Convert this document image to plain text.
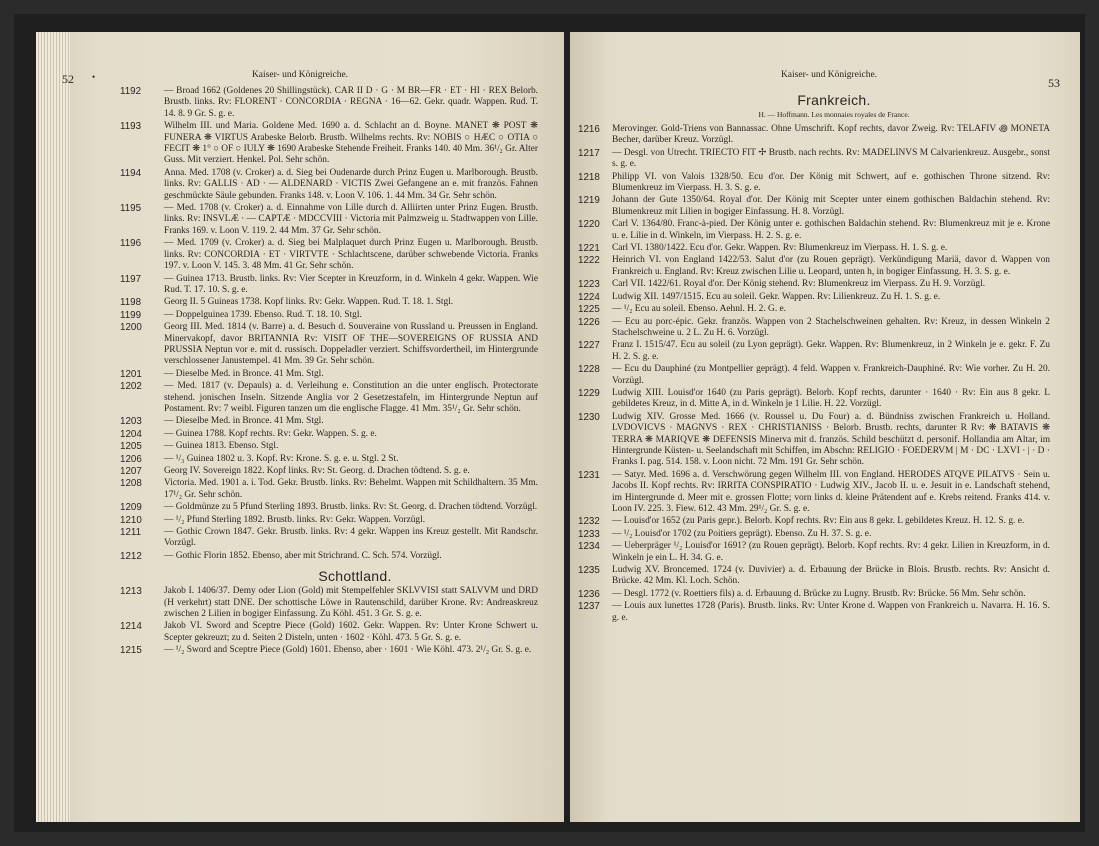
52 •	Kaiser- und Königreiche.
1192 — Broad 1662 (Goldenes 20 Shillingstück). CAR II D · G · M BR—FR · ET · HI · REX Belorb. Brustb. links. Rv: FLORENT · CONCORDIA · REGNA · 16—62. Gekr. quadr. Wappen. Rud. T. 14. 8. 9 Gr. S. g. e.
1193 Wilhelm III. und Maria. Goldene Med. 1690 a. d. Schlacht an d. Boyne. MANET ❋ POST ❋ FUNERA ❋ VIRTUS Arabeske Belorb. Brustb. Wilhelms rechts. Rv: NOBIS ○ HÆC ○ OTIA ○ FECIT ❋ 1° ○ OF ○ IULY ❋ 1690 Arabeske Stehende Freiheit. Franks 140. 40 Mm. 36¹/₂ Gr. Alter Guss. Mit verziert. Henkel. Pol. Sehr schön.
1194 Anna. Med. 1708 (v. Croker) a. d. Sieg bei Oudenarde durch Prinz Eugen u. Marlborough. Brustb. links. Rv: GALLIS · AD · — ALDENARD · VICTIS Zwei Gefangene an e. mit französ. Fahnen geschmückte Säule gebunden. Franks 148. v. Loon V. 106. 1. 44 Mm. 34 Gr. Sehr schön.
1195 — Med. 1708 (v. Croker) a. d. Einnahme von Lille durch d. Alliirten unter Prinz Eugen. Brustb. links. Rv: INSVLÆ · — CAPTÆ · MDCCVIII · Victoria mit Palmzweig u. Stadtwappen von Lille. Franks 169. v. Loon V. 119. 2. 44 Mm. 37 Gr. Sehr schön.
1196 — Med. 1709 (v. Croker) a. d. Sieg bei Malplaquet durch Prinz Eugen u. Marlborough. Brustb. links. Rv: CONCORDIA · ET · VIRTVTE · Schlachtscene, darüber schwebende Victoria. Franks 197. v. Loon V. 145. 3. 48 Mm. 41 Gr. Sehr schön.
1197 — Guinea 1713. Brustb. links. Rv: Vier Scepter in Kreuzform, in d. Winkeln 4 gekr. Wappen. Wie Rud. T. 17. 10. S. g. e.
1198 Georg II. 5 Guineas 1738. Kopf links. Rv: Gekr. Wappen. Rud. T. 18. 1. Stgl.
1199 — Doppelguinea 1739. Ebenso. Rud. T. 18. 10. Stgl.
1200 Georg III. Med. 1814 (v. Barre) a. d. Besuch d. Souveraine von Russland u. Preussen in England. Minervakopf, davor BRITANNIA Rv: VISIT OF THE—SOVEREIGNS OF RUSSIA AND PRUSSIA Neptun vor e. mit d. russisch. Doppeladler verziert. Schiffsvordertheil, im Hintergrunde verschlossener Janustempel. 41 Mm. 39 Gr. Sehr schön.
1201 — Dieselbe Med. in Bronce. 41 Mm. Stgl.
1202 — Med. 1817 (v. Depauls) a. d. Verleihung e. Constitution an die unter englisch. Protectorate stehend. jonischen Inseln. Sitzende Anglia vor 2 Gesetzestafeln, im Hintergrunde Neptun auf Postament. Rv: 7 weibl. Figuren tanzen um die englische Flagge. 41 Mm. 35¹/₂ Gr. Sehr schön.
1203 — Dieselbe Med. in Bronce. 41 Mm. Stgl.
1204 — Guinea 1788. Kopf rechts. Rv: Gekr. Wappen. S. g. e.
1205 — Guinea 1813. Ebenso. Stgl.
1206 — ¹/₃ Guinea 1802 u. 3. Kopf. Rv: Krone. S. g. e. u. Stgl. 2 St.
1207 Georg IV. Sovereign 1822. Kopf links. Rv: St. Georg. d. Drachen tödtend. S. g. e.
1208 Victoria. Med. 1901 a. i. Tod. Gekr. Brustb. links. Rv: Behelmt. Wappen mit Schildhaltern. 35 Mm. 17¹/₂ Gr. Sehr schön.
1209 — Goldmünze zu 5 Pfund Sterling 1893. Brustb. links. Rv: St. Georg. d. Drachen tödtend. Vorzügl.
1210 — ¹/₂ Pfund Sterling 1892. Brustb. links. Rv: Gekr. Wappen. Vorzügl.
1211 — Gothic Crown 1847. Gekr. Brustb. links. Rv: 4 gekr. Wappen ins Kreuz gestellt. Mit Randschr. Vorzügl.
1212 — Gothic Florin 1852. Ebenso, aber mit Strichrand. C. Sch. 574. Vorzügl.
Schottland.
1213 Jakob I. 1406/37. Demy oder Lion (Gold) mit Stempelfehler SKLVVISI statt SALVVM und DRD (H verkehrt) statt DNE. Der schottische Löwe in Rautenschild, darüber Krone. Rv: Andreaskreuz zwischen 2 Lilien in bogiger Einfassung. Zu Köhl. 451. 3 Gr. S. g. e.
1214 Jakob VI. Sword and Sceptre Piece (Gold) 1602. Gekr. Wappen. Rv: Unter Krone Schwert u. Scepter gekreuzt; zu d. Seiten 2 Disteln, unten · 1602 · Köhl. 473. 5 Gr. S. g. e.
1215 — ¹/₂ Sword and Sceptre Piece (Gold) 1601. Ebenso, aber · 1601 · Wie Köhl. 473. 2¹/₂ Gr. S. g. e.
Kaiser- und Königreiche.
53
Frankreich.
H. — Hoffmann. Les monnaies royales de France.
1216 Merovinger. Gold-Triens von Bannassac. Ohne Umschrift. Kopf rechts, davor Zweig. Rv: TELAFIV ꩜ MONETA Becher, darüber Kreuz. Vorzügl.
1217 — Desgl. von Utrecht. TRIECTO FIT ✢ Brustb. nach rechts. Rv: MADELINVS M Calvarienkreuz. Ausgebr., sonst s. g. e.
1218 Philipp VI. von Valois 1328/50. Ecu d'or. Der König mit Schwert, auf e. gothischen Throne sitzend. Rv: Blumenkreuz im Vierpass. H. 3. S. g. e.
1219 Johann der Gute 1350/64. Royal d'or. Der König mit Scepter unter einem gothischen Baldachin stehend. Rv: Blumenkreuz mit Lilien in bogiger Einfassung. H. 8. Vorzügl.
1220 Carl V. 1364/80. Franc-à-pied. Der König unter e. gothischen Baldachin stehend. Rv: Blumenkreuz mit je e. Krone u. e. Lilie in d. Winkeln, im Vierpass. H. 2. S. g. e.
1221 Carl VI. 1380/1422. Ecu d'or. Gekr. Wappen. Rv: Blumenkreuz im Vierpass. H. 1. S. g. e.
1222 Heinrich VI. von England 1422/53. Salut d'or (zu Rouen geprägt). Verkündigung Mariä, davor d. Wappen von Frankreich u. England. Rv: Kreuz zwischen Lilie u. Leopard, unten h, in bogiger Einfassung. H. 3. S. g. e.
1223 Carl VII. 1422/61. Royal d'or. Der König stehend. Rv: Blumenkreuz im Vierpass. Zu H. 9. Vorzügl.
1224 Ludwig XII. 1497/1515. Ecu au soleil. Gekr. Wappen. Rv: Lilienkreuz. Zu H. 1. S. g. e.
1225 — ¹/₂ Ecu au soleil. Ebenso. Aehnl. H. 2. G. e.
1226 — Ecu au porc-épic. Gekr. französ. Wappen von 2 Stachelschweinen gehalten. Rv: Kreuz, in dessen Winkeln 2 Stachelschweine u. 2 L. Zu H. 6. Vorzügl.
1227 Franz I. 1515/47. Ecu au soleil (zu Lyon geprägt). Gekr. Wappen. Rv: Blumenkreuz, in 2 Winkeln je e. gekr. F. Zu H. 2. S. g. e.
1228 — Ecu du Dauphiné (zu Montpellier geprägt). 4 feld. Wappen v. Frankreich-Dauphiné. Rv: Wie vorher. Zu H. 20. Vorzügl.
1229 Ludwig XIII. Louisd'or 1640 (zu Paris geprägt). Belorb. Kopf rechts, darunter · 1640 · Rv: Ein aus 8 gekr. L gebildetes Kreuz, in d. Mitte A, in d. Winkeln je 1 Lilie. H. 22. Vorzügl.
1230 Ludwig XIV. Grosse Med. 1666 (v. Roussel u. Du Four) a. d. Bündniss zwischen Frankreich u. Holland. LVDOVICVS · MAGNVS · REX · CHRISTIANISS · Belorb. Brustb. rechts, darunter R Rv: ❋ BATAVIS ❋ TERRA ❋ MARIQVE ❋ DEFENSIS Minerva mit d. französ. Schild beschützt d. personif. Hollandia am Altar, im Hintergrunde Küsten- u. Seelandschaft mit Schiffen, im Abschn: RELIGIO · FOEDERVM | M · DC · LXVI · | · D · Franks I. pag. 514. 158. v. Loon nicht. 72 Mm. 191 Gr. Sehr schön.
1231 — Satyr. Med. 1696 a. d. Verschwörung gegen Wilhelm III. von England. HERODES ATQVE PILATVS · Sein u. Jacobs II. Kopf rechts. Rv: IRRITA CONSPIRATIO · Ludwig XIV., Jacob II. u. e. Jesuit in e. Landschaft stehend, im Hintergrunde d. Meer mit e. grossen Flotte; vorn links d. kleine Prätendent auf e. Krebs reitend. Franks 414. v. Loon IV. 225. 3. Fiew. 612. 43 Mm. 29¹/₂ Gr. S. g. e.
1232 — Louisd'or 1652 (zu Paris gepr.). Belorb. Kopf rechts. Rv: Ein aus 8 gekr. L gebildetes Kreuz. H. 12. S. g. e.
1233 — ¹/₂ Louisd'or 1702 (zu Poitiers geprägt). Ebenso. Zu H. 37. S. g. e.
1234 — Ueberpräger ¹/₂ Louisd'or 1691? (zu Rouen geprägt). Belorb. Kopf rechts. Rv: 4 gekr. Lilien in Kreuzform, in d. Winkeln je ein L. H. 34. G. e.
1235 Ludwig XV. Broncemed. 1724 (v. Duvivier) a. d. Erbauung der Brücke in Blois. Brustb. rechts. Rv: Ansicht d. Brücke. 42 Mm. Kl. Loch. Schön.
1236 — Desgl. 1772 (v. Roettiers fils) a. d. Erbauung d. Brücke zu Lugny. Brustb. Rv: Brücke. 56 Mm. Sehr schön.
1237 — Louis aux lunettes 1728 (Paris). Brustb. links. Rv: Unter Krone d. Wappen von Frankreich u. Navarra. H. 16. S. g. e.
